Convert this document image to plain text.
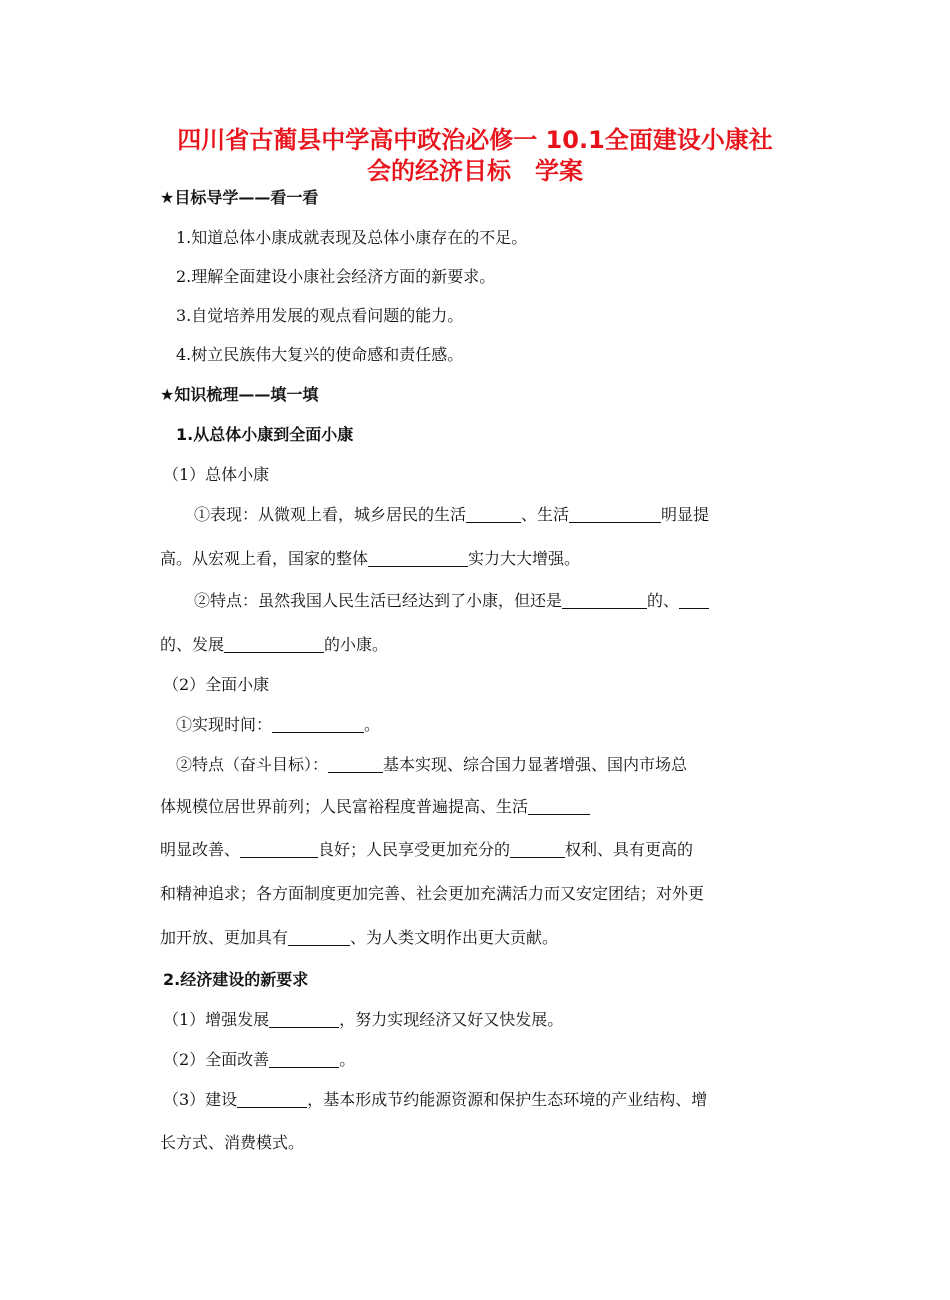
四川省古蔺县中学高中政治必修一 10.1全面建设小康社
会的经济目标　学案
★目标导学——看一看
1.知道总体小康成就表现及总体小康存在的不足。
2.理解全面建设小康社会经济方面的新要求。
3.自觉培养用发展的观点看问题的能力。
4.树立民族伟大复兴的使命感和责任感。
★知识梳理——填一填
1.从总体小康到全面小康
（1）总体小康
①表现：从微观上看，城乡居民的生活	、生活	明显提
高。从宏观上看，国家的整体	实力大大增强。
②特点：虽然我国人民生活已经达到了小康，但还是	的、
的、发展	的小康。
（2）全面小康
①实现时间：	。
②特点（奋斗目标）：	基本实现、综合国力显著增强、国内市场总
体规模位居世界前列；人民富裕程度普遍提高、生活
明显改善、	良好；人民享受更加充分的	权利、具有更高的
和精神追求；各方面制度更加完善、社会更加充满活力而又安定团结；对外更
加开放、更加具有	、为人类文明作出更大贡献。
2.经济建设的新要求
（1）增强发展	，努力实现经济又好又快发展。
（2）全面改善	。
（3）建设	，基本形成节约能源资源和保护生态环境的产业结构、增
长方式、消费模式。
